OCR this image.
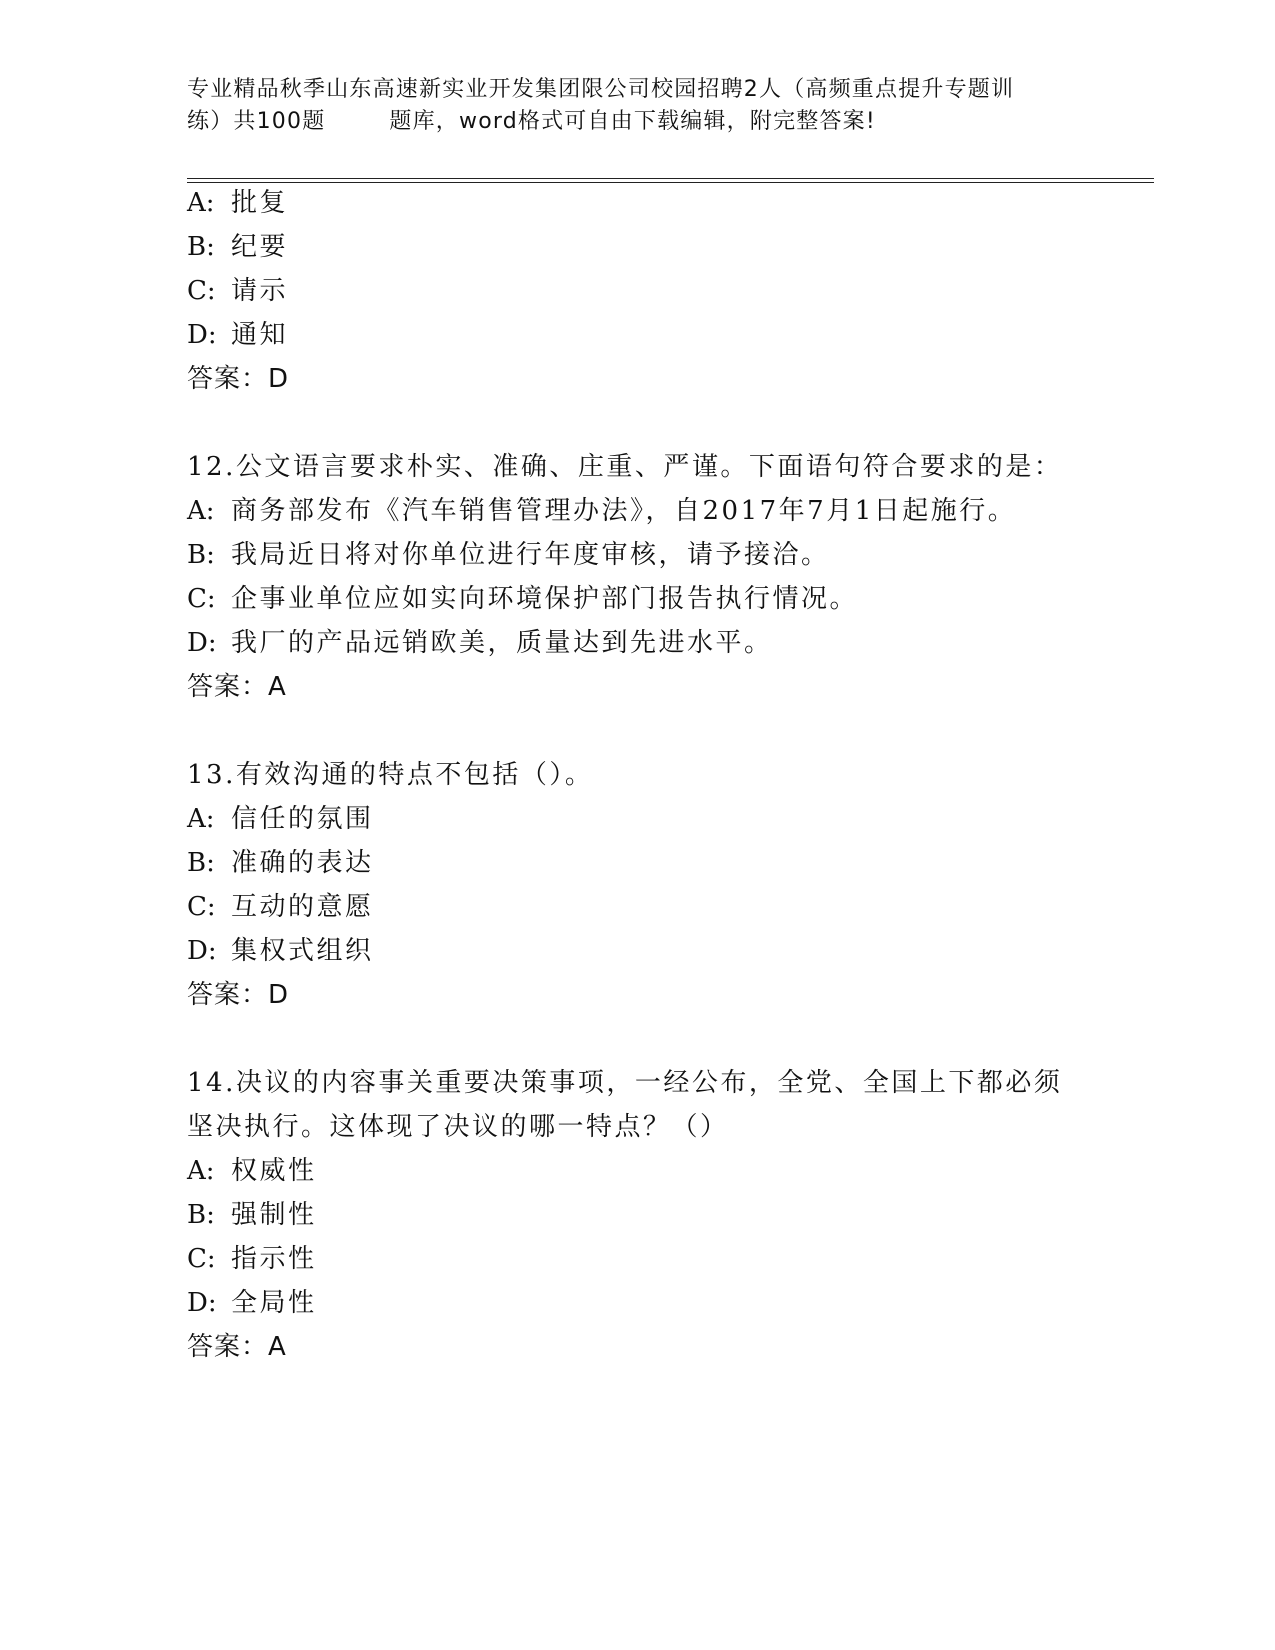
专业精品秋季山东高速新实业开发集团限公司校园招聘2人（高频重点提升专题训
练）共100题	题库，word格式可自由下载编辑，附完整答案!
A: 批复
B: 纪要
C: 请示
D: 通知
答案：D
12.公文语言要求朴实、准确、庄重、严谨。下面语句符合要求的是：
A: 商务部发布《汽车销售管理办法》，自2017年7月1日起施行。
B: 我局近日将对你单位进行年度审核，请予接洽。
C: 企事业单位应如实向环境保护部门报告执行情况。
D: 我厂的产品远销欧美，质量达到先进水平。
答案：A
13.有效沟通的特点不包括（）。
A: 信任的氛围
B: 准确的表达
C: 互动的意愿
D: 集权式组织
答案：D
14.决议的内容事关重要决策事项，一经公布，全党、全国上下都必须
坚决执行。这体现了决议的哪一特点？（）
A: 权威性
B: 强制性
C: 指示性
D: 全局性
答案：A
